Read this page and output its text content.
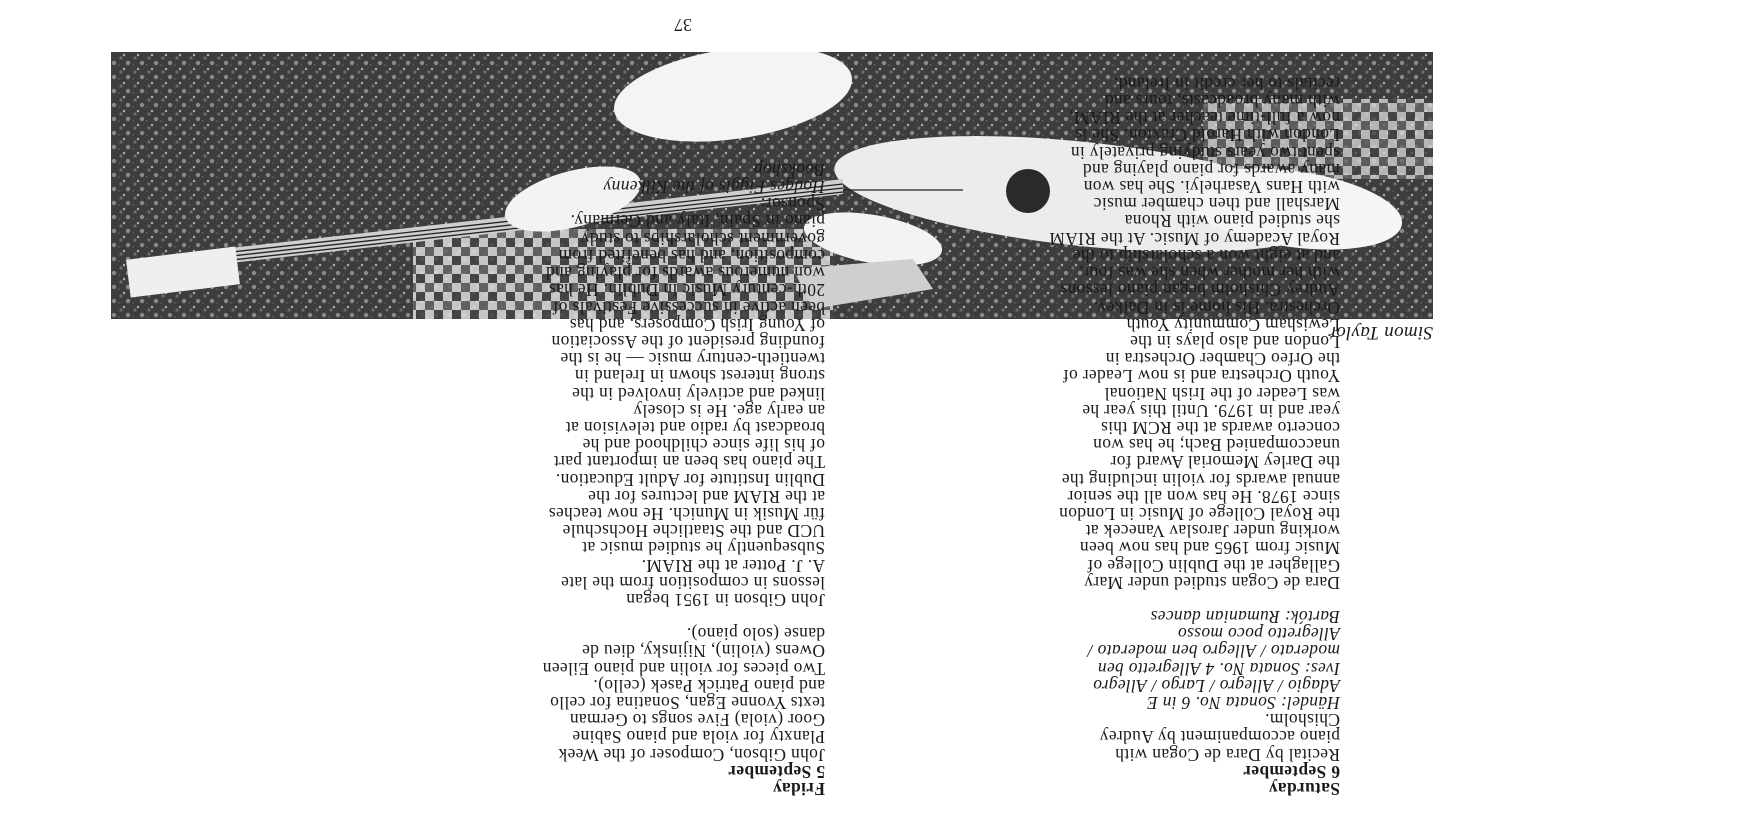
37
Simon Taylor

Saturday

6 September

Recital by Dara de Cogan with

piano accompaniment by Audrey

Chisholm.

Händel: Sonata No. 6 in E

Adagio / Allegro / Largo / Allegro

Ives: Sonata No. 4 Allegretto ben

moderato / Allegro ben moderato /

Allegretto poco mosso

Bartók: Rumanian dances

Dara de Cogan studied under Mary

Gallagher at the Dublin College of

Music from 1965 and has now been

working under Jaroslav Vanecek at

the Royal College of Music in London

since 1978. He has won all the senior

annual awards for violin including the

the Darley Memorial Award for

unaccompanied Bach; he has won

concerto awards at the RCM this

year and in 1979. Until this year he

was Leader of the Irish National

Youth Orchestra and is now Leader of

the Orfeo Chamber Orchestra in

London and also plays in the

Lewisham Community Youth

Orchestra. His home is in Dalkey.

Audrey Chisholm began piano lessons

with her mother when she was four,

and at eight won a scholarship to the

Royal Academy of Music. At the RIAM

she studied piano with Rhona

Marshall and then chamber music

with Hans Vasarhelyi. She has won

many awards for piano playing and

spent two years studying privately in

London with Harold Craxton. She is

now a full-time teacher at the RIAM,

with many broadcasts, tours and

recitals to her credit in Ireland.

Friday

5 September

John Gibson, Composer of the Week

Planxty for viola and piano Sabine

Goor (viola) Five songs to German

texts Yvonne Egan, Sonatina for cello

and piano Patrick Pasek (cello).

Two pieces for violin and piano Eileen

Owens (violin), Nijinsky, dieu de

danse (solo piano).

John Gibson in 1951 began

lessons in composition from the late

A. J. Potter at the RIAM.

Subsequently he studied music at

UCD and the Staatliche Hochschule

für Musik in Munich. He now teaches

at the RIAM and lectures for the

Dublin Institute for Adult Education.

The piano has been an important part

of his life since childhood and he

broadcast by radio and television at

an early age. He is closely

linked and actively involved in the

strong interest shown in Ireland in

twentieth-century music — he is the

founding president of the Association

of Young Irish Composers, and has

been active in successive Festivals of

20th-century Music in Dublin. He has

won numerous awards for playing and

composition, and has benefited from

government scholarships to study

piano in Spain, Italy and Germany.

Sponsor:

Hodges Figgis of the Kilkenny

Bookshop
